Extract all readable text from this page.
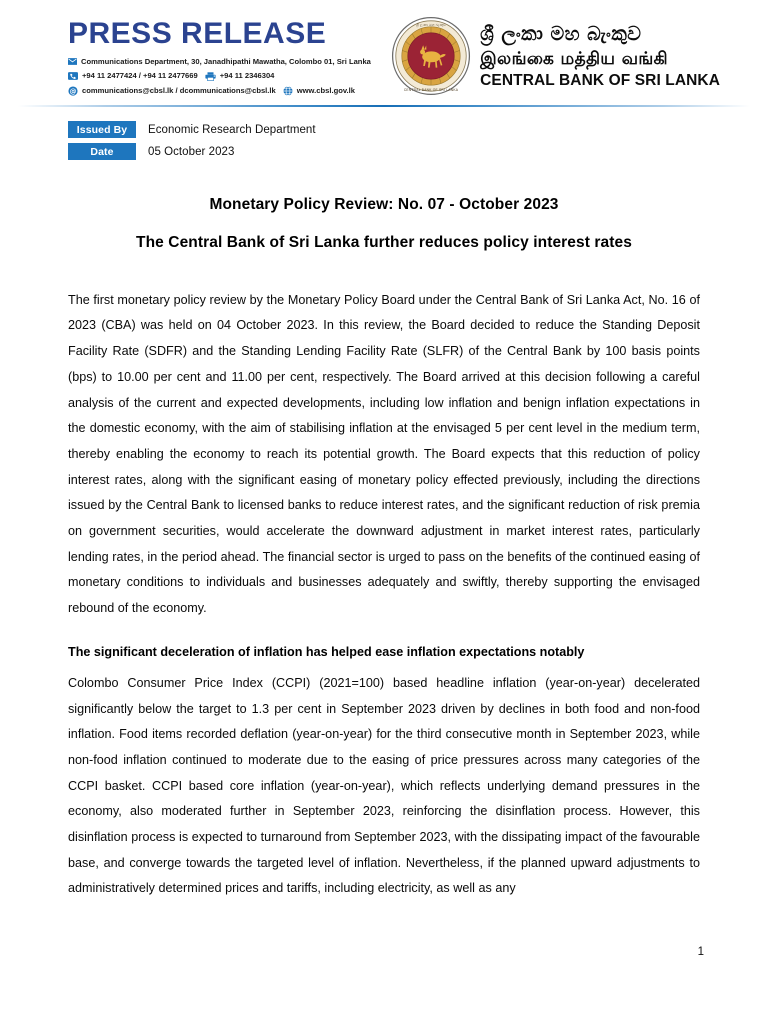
PRESS RELEASE
Communications Department, 30, Janadhipathi Mawatha, Colombo 01, Sri Lanka
+94 11 2477424 / +94 11 2477669	+94 11 2346304
@ communications@cbsl.lk / dcommunications@cbsl.lk	www.cbsl.gov.lk
ශ්‍රී ලංකා මහ බැංකුව
CENTRAL BANK OF SRI LANKA
ශ්‍රී ලංකා මහ බැංකුව
இலங்கை மத்திய வங்கி
CENTRAL BANK OF SRI LANKA
Issued By	Economic Research Department
Date	05 October 2023
Monetary Policy Review: No. 07 - October 2023
The Central Bank of Sri Lanka further reduces policy interest rates

The first monetary policy review by the Monetary Policy Board under the Central Bank of Sri Lanka Act, No. 16 of 2023 (CBA) was held on 04 October 2023. In this review, the Board decided to reduce the Standing Deposit Facility Rate (SDFR) and the Standing Lending Facility Rate (SLFR) of the Central Bank by 100 basis points (bps) to 10.00 per cent and 11.00 per cent, respectively. The Board arrived at this decision following a careful analysis of the current and expected developments, including low inflation and benign inflation expectations in the domestic economy, with the aim of stabilising inflation at the envisaged 5 per cent level in the medium term, thereby enabling the economy to reach its potential growth. The Board expects that this reduction of policy interest rates, along with the significant easing of monetary policy effected previously, including the directions issued by the Central Bank to licensed banks to reduce interest rates, and the significant reduction of risk premia on government securities, would accelerate the downward adjustment in market interest rates, particularly lending rates, in the period ahead. The financial sector is urged to pass on the benefits of the continued easing of monetary conditions to individuals and businesses adequately and swiftly, thereby supporting the envisaged rebound of the economy.

The significant deceleration of inflation has helped ease inflation expectations notably

Colombo Consumer Price Index (CCPI) (2021=100) based headline inflation (year-on-year) decelerated significantly below the target to 1.3 per cent in September 2023 driven by declines in both food and non-food inflation. Food items recorded deflation (year-on-year) for the third consecutive month in September 2023, while non-food inflation continued to moderate due to the easing of price pressures across many categories of the CCPI basket. CCPI based core inflation (year-on-year), which reflects underlying demand pressures in the economy, also moderated further in September 2023, reinforcing the disinflation process. However, this disinflation process is expected to turnaround from September 2023, with the dissipating impact of the favourable base, and converge towards the targeted level of inflation. Nevertheless, if the planned upward adjustments to administratively determined prices and tariffs, including electricity, as well as any

1
